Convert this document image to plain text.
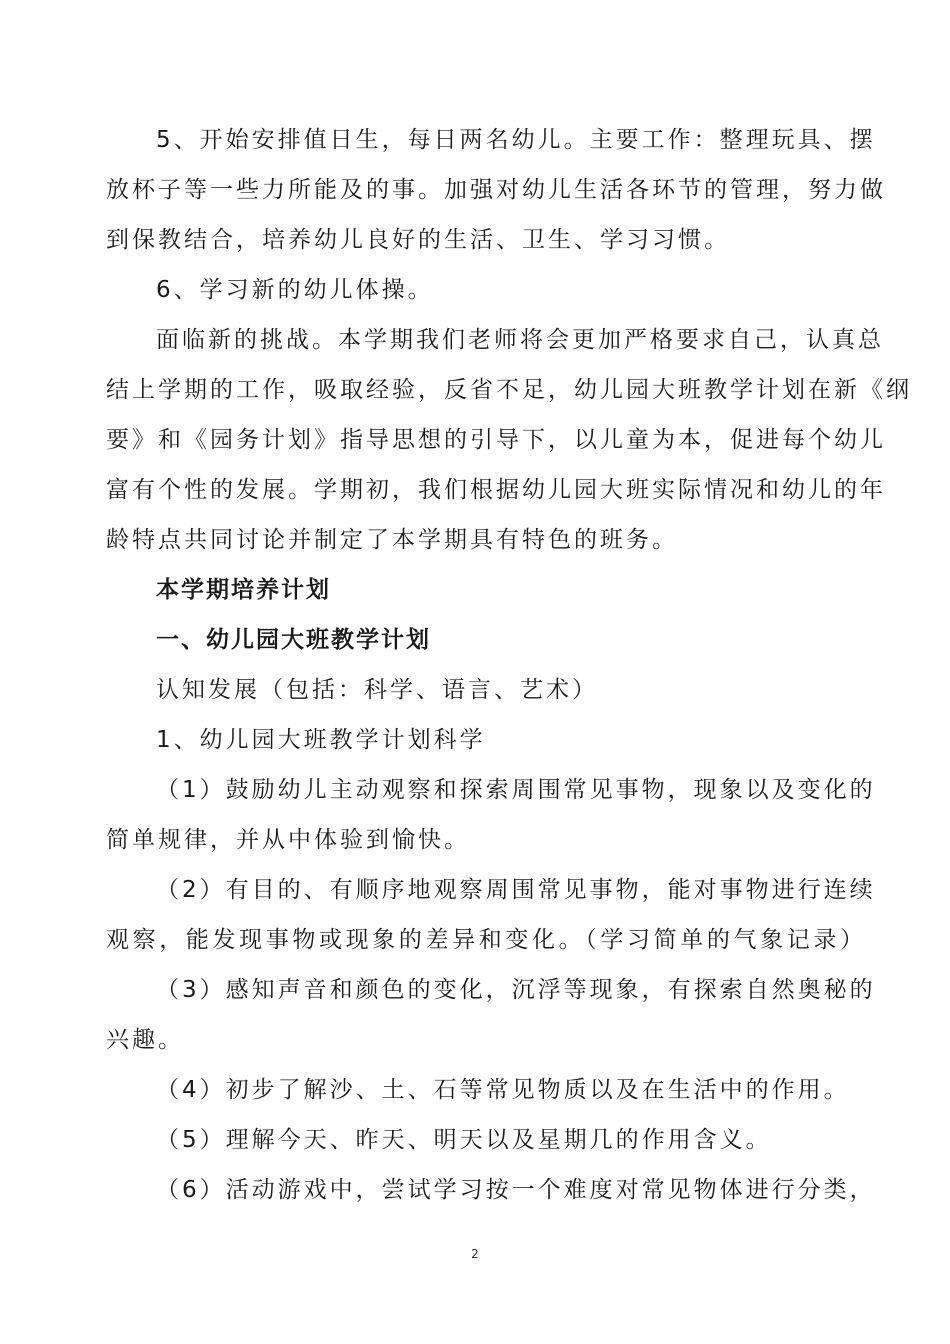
5、开始安排值日生，每日两名幼儿。主要工作：整理玩具、摆
放杯子等一些力所能及的事。加强对幼儿生活各环节的管理，努力做
到保教结合，培养幼儿良好的生活、卫生、学习习惯。
6、学习新的幼儿体操。
面临新的挑战。本学期我们老师将会更加严格要求自己，认真总
结上学期的工作，吸取经验，反省不足，幼儿园大班教学计划在新《纲
要》和《园务计划》指导思想的引导下，以儿童为本，促进每个幼儿
富有个性的发展。学期初，我们根据幼儿园大班实际情况和幼儿的年
龄特点共同讨论并制定了本学期具有特色的班务。
本学期培养计划
一、幼儿园大班教学计划
认知发展（包括：科学、语言、艺术）
1、幼儿园大班教学计划科学
（1）鼓励幼儿主动观察和探索周围常见事物，现象以及变化的
简单规律，并从中体验到愉快。
（2）有目的、有顺序地观察周围常见事物，能对事物进行连续
观察，能发现事物或现象的差异和变化。（学习简单的气象记录）
（3）感知声音和颜色的变化，沉浮等现象，有探索自然奥秘的
兴趣。
（4）初步了解沙、土、石等常见物质以及在生活中的作用。
（5）理解今天、昨天、明天以及星期几的作用含义。
（6）活动游戏中，尝试学习按一个难度对常见物体进行分类，
2
